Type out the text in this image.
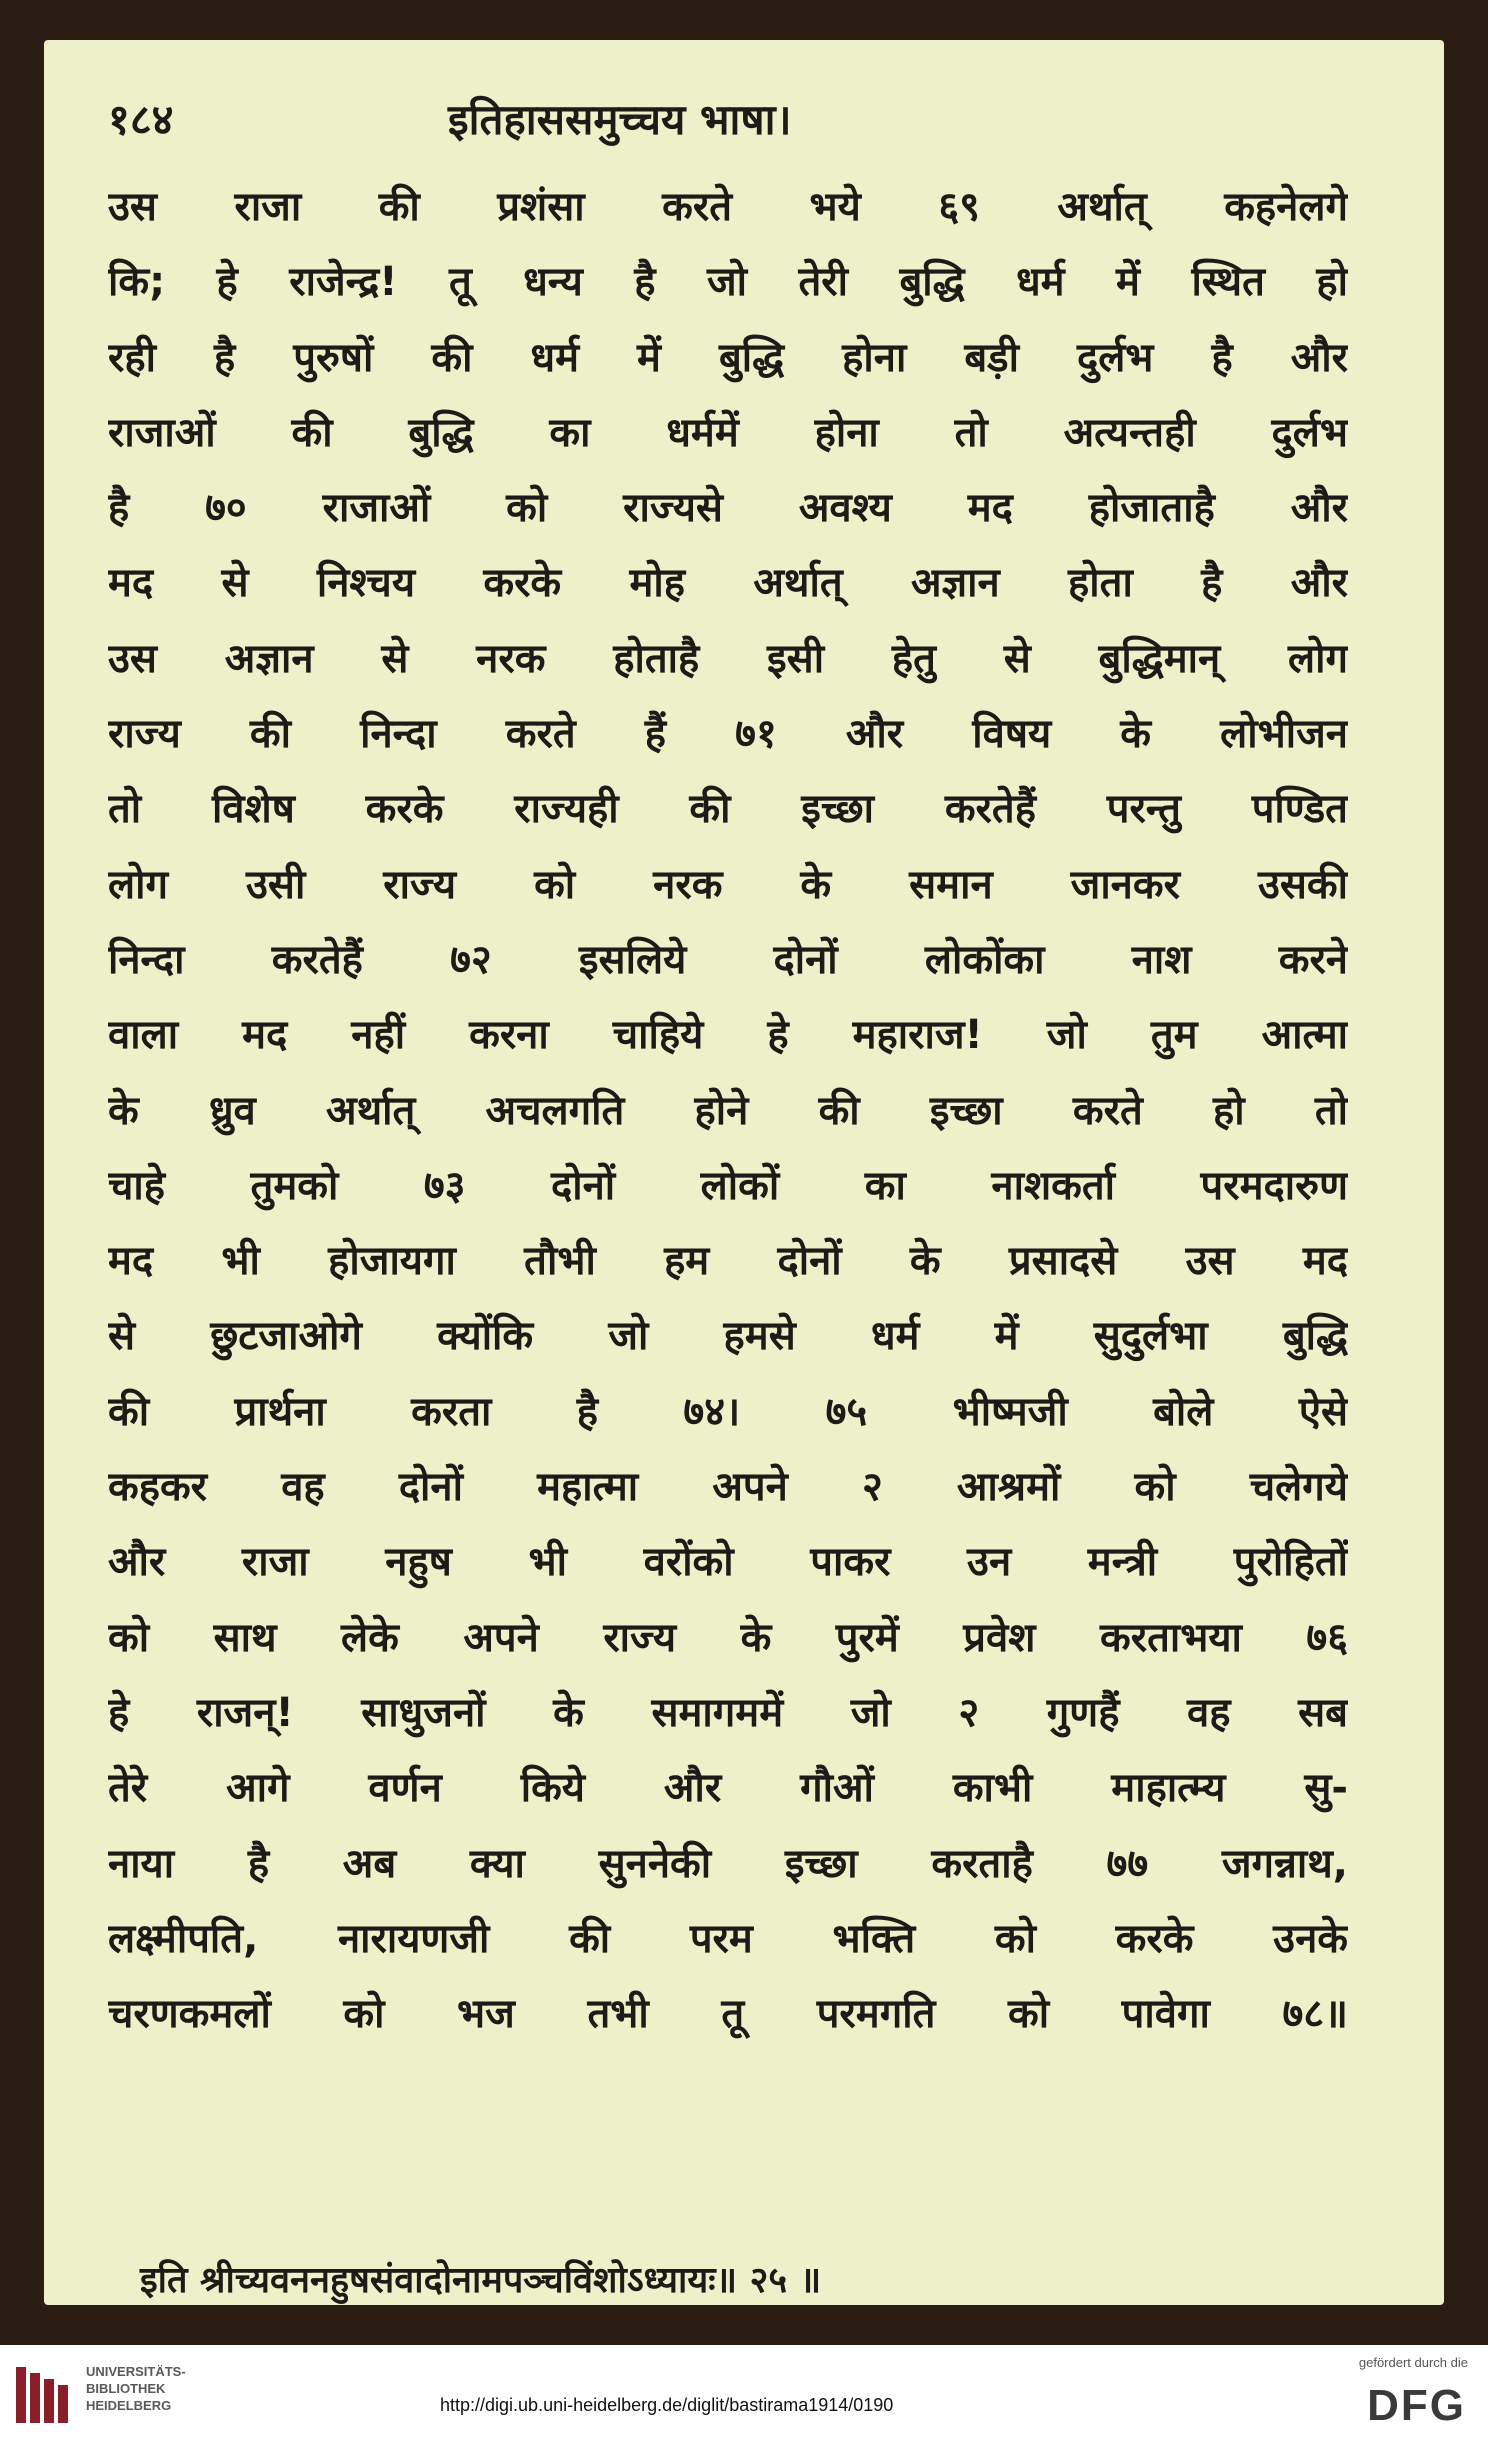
१८४	इतिहाससमुच्चय भाषा।
उस राजा की प्रशंसा करते भये ६९ अर्थात् कहनेलगे
कि; हे राजेन्द्र! तू धन्य है जो तेरी बुद्धि धर्म में स्थित हो
रही है पुरुषों की धर्म में बुद्धि होना बड़ी दुर्लभ है और
राजाओं की बुद्धि का धर्ममें होना तो अत्यन्तही दुर्लभ
है ७० राजाओं को राज्यसे अवश्य मद होजाताहै और
मद से निश्चय करके मोह अर्थात् अज्ञान होता है और
उस अज्ञान से नरक होताहै इसी हेतु से बुद्धिमान् लोग
राज्य की निन्दा करते हैं ७१ और विषय के लोभीजन
तो विशेष करके राज्यही की इच्छा करतेहैं परन्तु पण्डित
लोग उसी राज्य को नरक के समान जानकर उसकी
निन्दा करतेहैं ७२ इसलिये दोनों लोकोंका नाश करने
वाला मद नहीं करना चाहिये हे महाराज! जो तुम आत्मा
के ध्रुव अर्थात् अचलगति होने की इच्छा करते हो तो
चाहे तुमको ७३ दोनों लोकों का नाशकर्ता परमदारुण
मद भी होजायगा तौभी हम दोनों के प्रसादसे उस मद
से छुटजाओगे क्योंकि जो हमसे धर्म में सुदुर्लभा बुद्धि
की प्रार्थना करता है ७४। ७५ भीष्मजी बोले ऐसे
कहकर वह दोनों महात्मा अपने २ आश्रमों को चलेगये
और राजा नहुष भी वरोंको पाकर उन मन्त्री पुरोहितों
को साथ लेके अपने राज्य के पुरमें प्रवेश करताभया ७६
हे राजन्! साधुजनों के समागममें जो २ गुणहैं वह सब
तेरे आगे वर्णन किये और गौओं काभी माहात्म्य सु-
नाया है अब क्या सुननेकी इच्छा करताहै ७७ जगन्नाथ,
लक्ष्मीपति, नारायणजी की परम भक्ति को करके उनके
चरणकमलों को भज तभी तू परमगति को पावेगा ७८॥
इति श्रीच्यवननहुषसंवादोनामपञ्चविंशोऽध्यायः॥ २५ ॥
UNIVERSITÄTS-
BIBLIOTHEK
HEIDELBERG	http://digi.ub.uni-heidelberg.de/diglit/bastirama1914/0190
gefördert durch die
DFG
